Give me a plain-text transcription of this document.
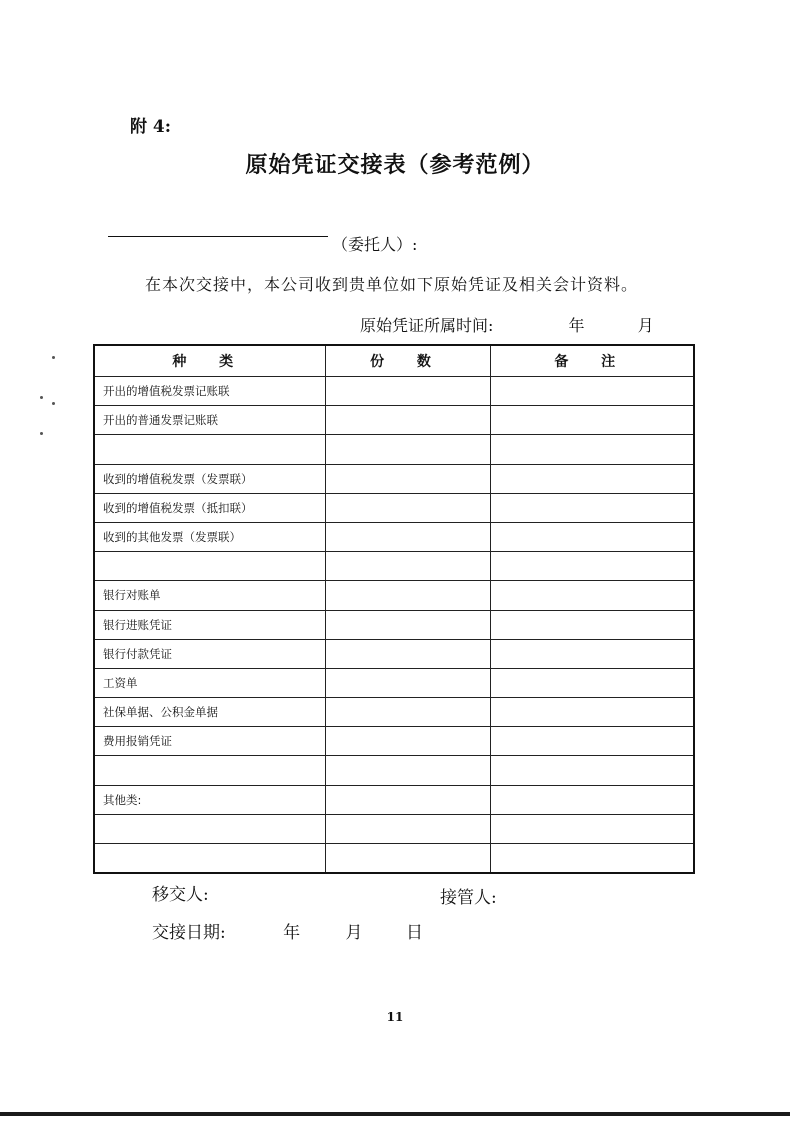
附 4:
原始凭证交接表（参考范例）
（委托人）:
在本次交接中，本公司收到贵单位如下原始凭证及相关会计资料。
原始凭证所属时间:	年	月
种 类	份 数	备 注
开出的增值税发票记账联		
开出的普通发票记账联		

收到的增值税发票（发票联）		
收到的增值税发票（抵扣联）		
收到的其他发票（发票联）		

银行对账单		
银行进账凭证		
银行付款凭证		
工资单		
社保单据、公积金单据		
费用报销凭证		

其他类:		

移交人:	接管人:
交接日期:	年	月	日
11
